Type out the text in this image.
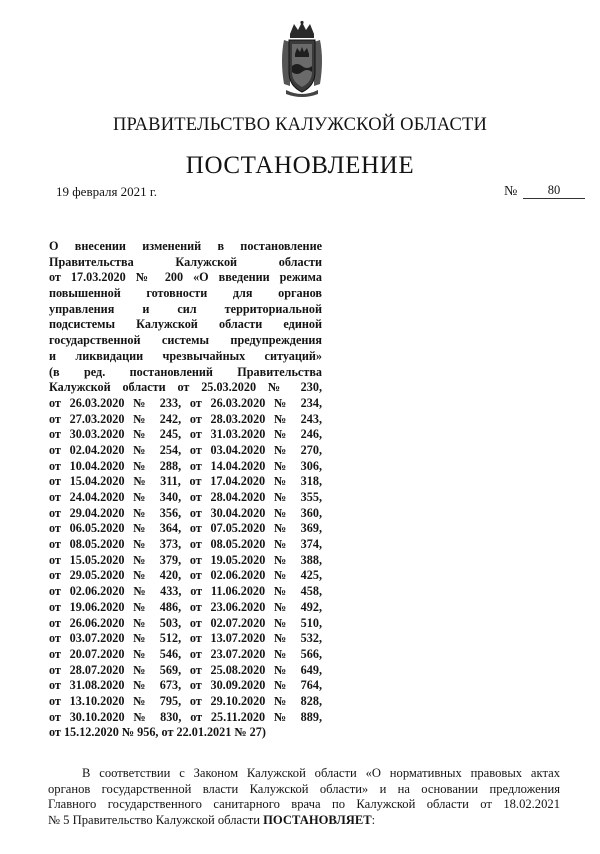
ПРАВИТЕЛЬСТВО КАЛУЖСКОЙ ОБЛАСТИ
ПОСТАНОВЛЕНИЕ
19 февраля 2021 г.	№	80
О внесении изменений в постановление
Правительства Калужской области
от 17.03.2020 № 200 «О введении режима
повышенной готовности для органов
управления и сил территориальной
подсистемы Калужской области единой
государственной системы предупреждения
и ликвидации чрезвычайных ситуаций»
(в ред. постановлений Правительства
Калужской области от 25.03.2020 № 230,
от 26.03.2020 № 233, от 26.03.2020 № 234,
от 27.03.2020 № 242, от 28.03.2020 № 243,
от 30.03.2020 № 245, от 31.03.2020 № 246,
от 02.04.2020 № 254, от 03.04.2020 № 270,
от 10.04.2020 № 288, от 14.04.2020 № 306,
от 15.04.2020 № 311, от 17.04.2020 № 318,
от 24.04.2020 № 340, от 28.04.2020 № 355,
от 29.04.2020 № 356, от 30.04.2020 № 360,
от 06.05.2020 № 364, от 07.05.2020 № 369,
от 08.05.2020 № 373, от 08.05.2020 № 374,
от 15.05.2020 № 379, от 19.05.2020 № 388,
от 29.05.2020 № 420, от 02.06.2020 № 425,
от 02.06.2020 № 433, от 11.06.2020 № 458,
от 19.06.2020 № 486, от 23.06.2020 № 492,
от 26.06.2020 № 503, от 02.07.2020 № 510,
от 03.07.2020 № 512, от 13.07.2020 № 532,
от 20.07.2020 № 546, от 23.07.2020 № 566,
от 28.07.2020 № 569, от 25.08.2020 № 649,
от 31.08.2020 № 673, от 30.09.2020 № 764,
от 13.10.2020 № 795, от 29.10.2020 № 828,
от 30.10.2020 № 830, от 25.11.2020 № 889,
от 15.12.2020 № 956, от 22.01.2021 № 27)
В соответствии с Законом Калужской области «О нормативных правовых актах
органов государственной власти Калужской области» и на основании предложения
Главного государственного санитарного врача по Калужской области от 18.02.2021
№ 5 Правительство Калужской области ПОСТАНОВЛЯЕТ:
